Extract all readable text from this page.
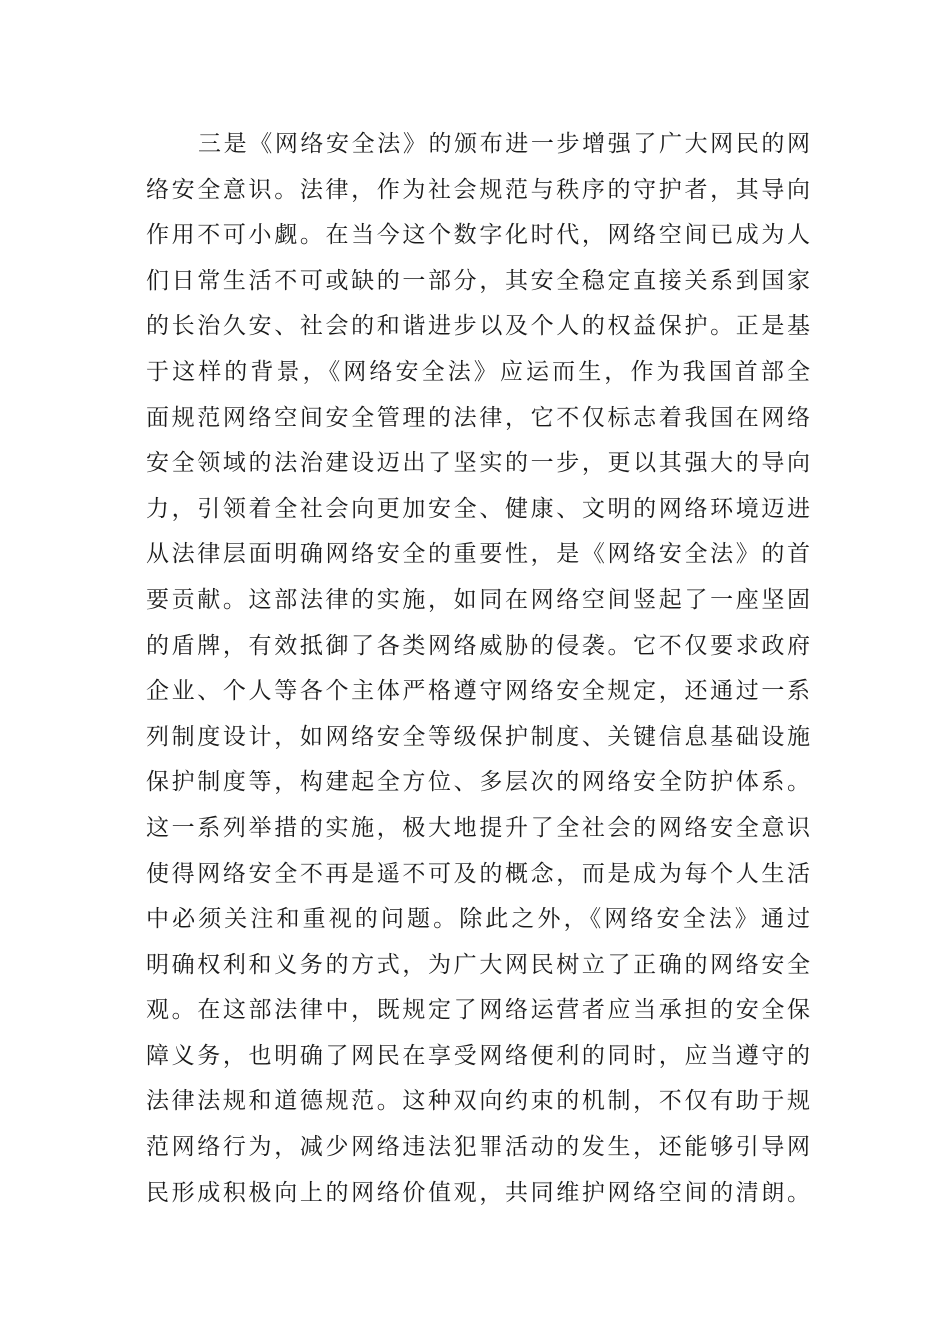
三是《网络安全法》的颁布进一步增强了广大网民的网
络安全意识。法律，作为社会规范与秩序的守护者，其导向
作用不可小觑。在当今这个数字化时代，网络空间已成为人
们日常生活不可或缺的一部分，其安全稳定直接关系到国家
的长治久安、社会的和谐进步以及个人的权益保护。正是基
于这样的背景，《网络安全法》应运而生，作为我国首部全
面规范网络空间安全管理的法律，它不仅标志着我国在网络
安全领域的法治建设迈出了坚实的一步，更以其强大的导向
力，引领着全社会向更加安全、健康、文明的网络环境迈进
从法律层面明确网络安全的重要性，是《网络安全法》的首
要贡献。这部法律的实施，如同在网络空间竖起了一座坚固
的盾牌，有效抵御了各类网络威胁的侵袭。它不仅要求政府
企业、个人等各个主体严格遵守网络安全规定，还通过一系
列制度设计，如网络安全等级保护制度、关键信息基础设施
保护制度等，构建起全方位、多层次的网络安全防护体系。
这一系列举措的实施，极大地提升了全社会的网络安全意识
使得网络安全不再是遥不可及的概念，而是成为每个人生活
中必须关注和重视的问题。除此之外，《网络安全法》通过
明确权利和义务的方式，为广大网民树立了正确的网络安全
观。在这部法律中，既规定了网络运营者应当承担的安全保
障义务，也明确了网民在享受网络便利的同时，应当遵守的
法律法规和道德规范。这种双向约束的机制，不仅有助于规
范网络行为，减少网络违法犯罪活动的发生，还能够引导网
民形成积极向上的网络价值观，共同维护网络空间的清朗。
